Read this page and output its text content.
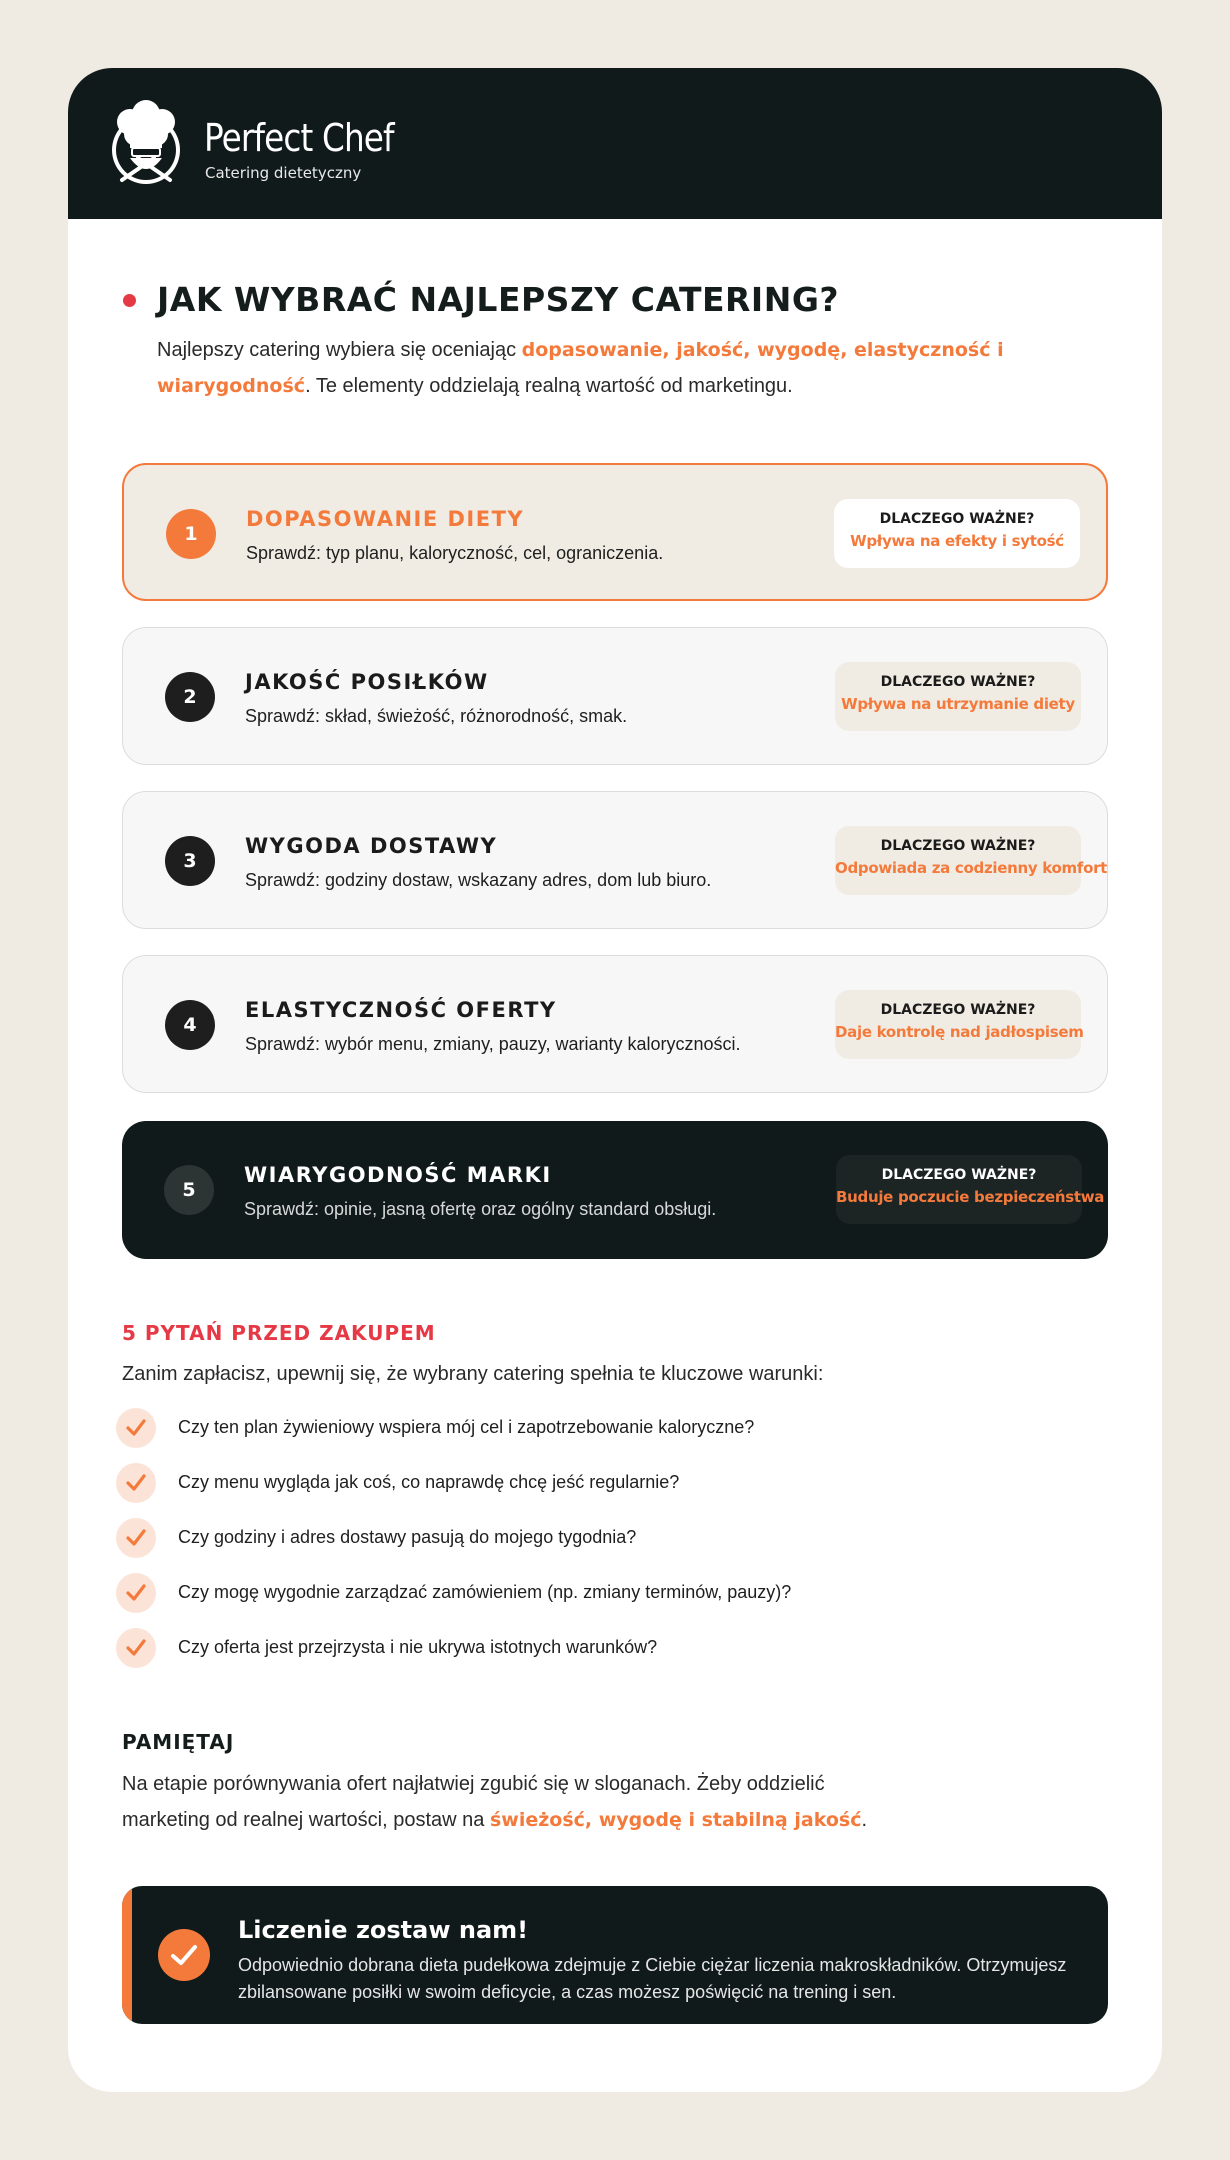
Perfect Chef
Catering dietetyczny
JAK WYBRAĆ NAJLEPSZY CATERING?

Najlepszy catering wybiera się oceniając dopasowanie, jakość, wygodę, elastyczność i wiarygodność. Te elementy oddzielają realną wartość od marketingu.

1
DOPASOWANIE DIETY
Sprawdź: typ planu, kaloryczność, cel, ograniczenia.
DLACZEGO WAŻNE?
Wpływa na efekty i sytość
2
JAKOŚĆ POSIŁKÓW
Sprawdź: skład, świeżość, różnorodność, smak.
DLACZEGO WAŻNE?
Wpływa na utrzymanie diety
3
WYGODA DOSTAWY
Sprawdź: godziny dostaw, wskazany adres, dom lub biuro.
DLACZEGO WAŻNE?
Odpowiada za codzienny komfort
4
ELASTYCZNOŚĆ OFERTY
Sprawdź: wybór menu, zmiany, pauzy, warianty kaloryczności.
DLACZEGO WAŻNE?
Daje kontrolę nad jadłospisem
5
WIARYGODNOŚĆ MARKI
Sprawdź: opinie, jasną ofertę oraz ogólny standard obsługi.
DLACZEGO WAŻNE?
Buduje poczucie bezpieczeństwa
5 PYTAŃ PRZED ZAKUPEM

Zanim zapłacisz, upewnij się, że wybrany catering spełnia te kluczowe warunki:

Czy ten plan żywieniowy wspiera mój cel i zapotrzebowanie kaloryczne?
Czy menu wygląda jak coś, co naprawdę chcę jeść regularnie?
Czy godziny i adres dostawy pasują do mojego tygodnia?
Czy mogę wygodnie zarządzać zamówieniem (np. zmiany terminów, pauzy)?
Czy oferta jest przejrzysta i nie ukrywa istotnych warunków?
PAMIĘTAJ

Na etapie porównywania ofert najłatwiej zgubić się w sloganach. Żeby oddzielić marketing od realnej wartości, postaw na świeżość, wygodę i stabilną jakość.

Liczenie zostaw nam!
Odpowiednio dobrana dieta pudełkowa zdejmuje z Ciebie ciężar liczenia makroskładników. Otrzymujesz zbilansowane posiłki w swoim deficycie, a czas możesz poświęcić na trening i sen.
